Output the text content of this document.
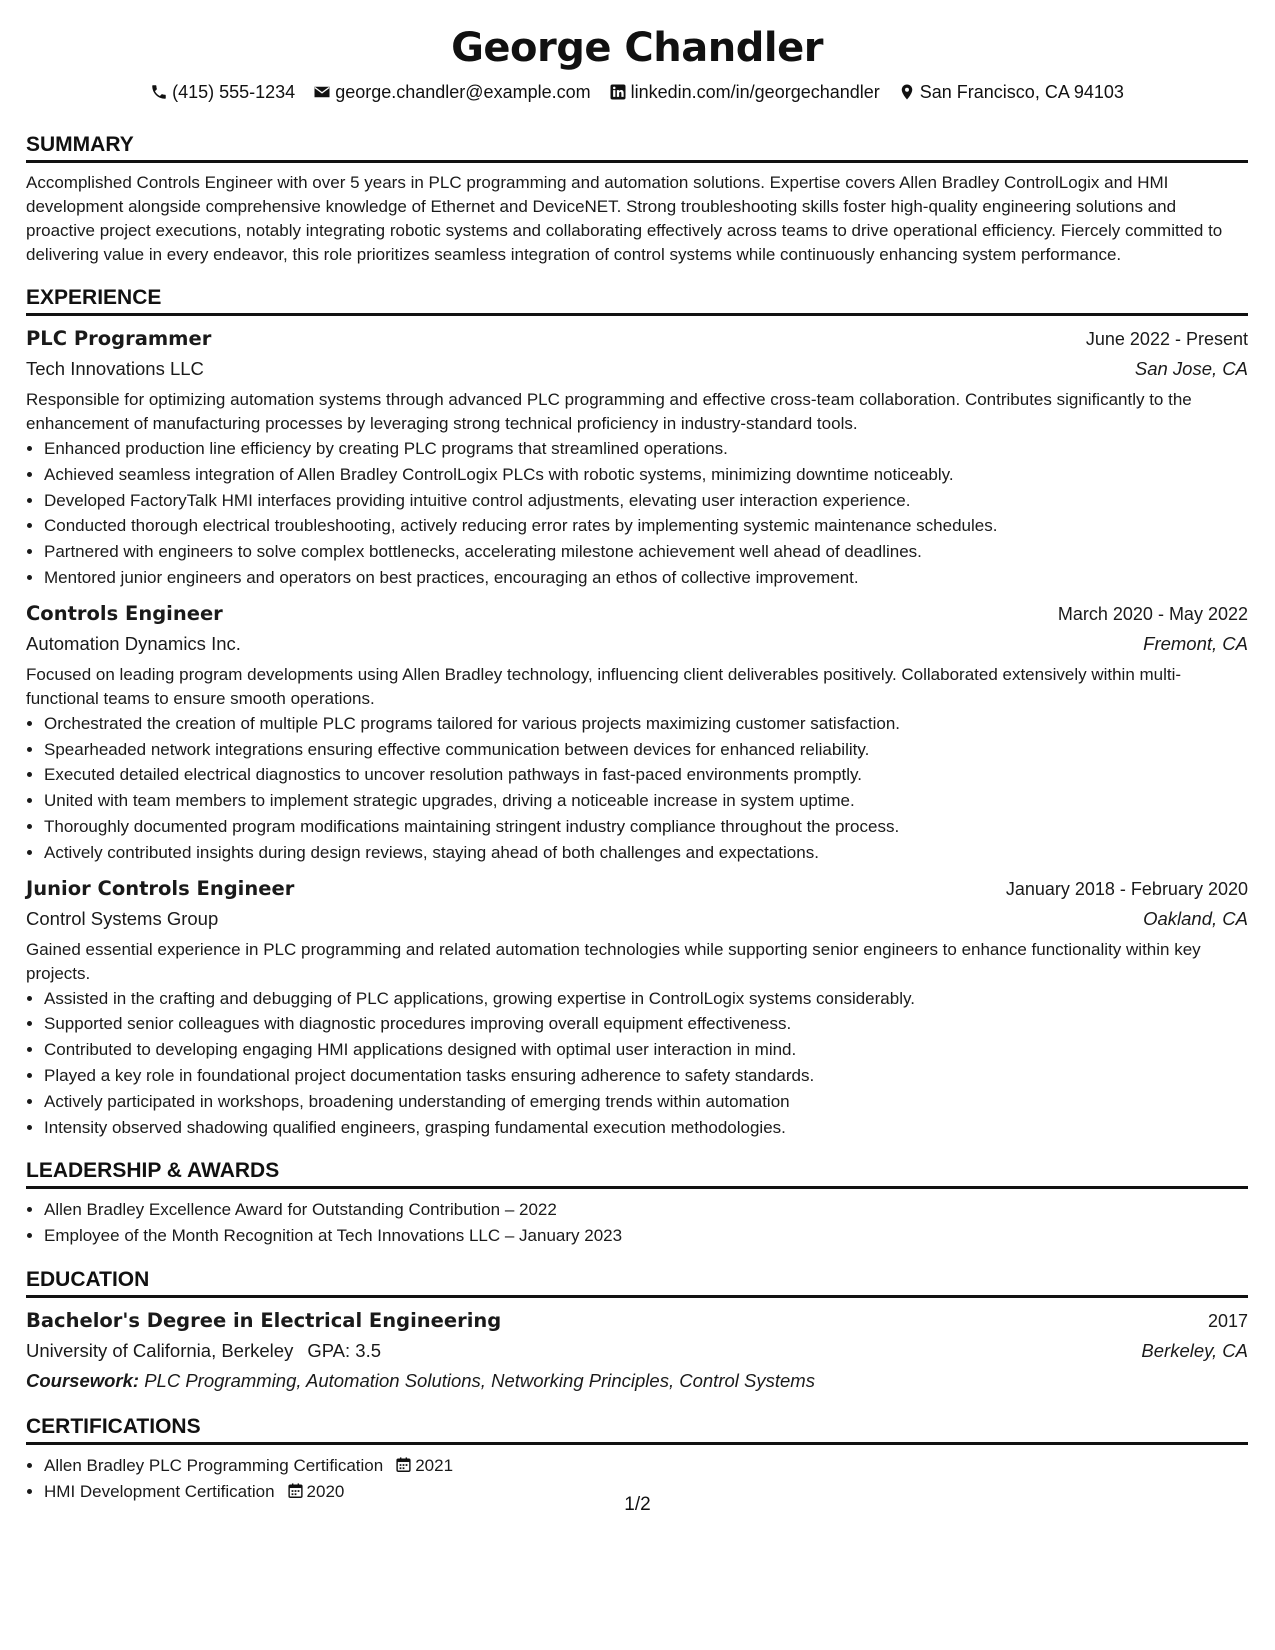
George Chandler
(415) 555-1234 george.chandler@example.com linkedin.com/in/georgechandler San Francisco, CA 94103
SUMMARY

Accomplished Controls Engineer with over 5 years in PLC programming and automation solutions. Expertise covers Allen Bradley ControlLogix and HMI development alongside comprehensive knowledge of Ethernet and DeviceNET. Strong troubleshooting skills foster high-quality engineering solutions and proactive project executions, notably integrating robotic systems and collaborating effectively across teams to drive operational efficiency. Fiercely committed to delivering value in every endeavor, this role prioritizes seamless integration of control systems while continuously enhancing system performance.

EXPERIENCE
PLC Programmer	June 2022 - Present
Tech Innovations LLC	San Jose, CA

Responsible for optimizing automation systems through advanced PLC programming and effective cross-team collaboration. Contributes significantly to the enhancement of manufacturing processes by leveraging strong technical proficiency in industry-standard tools.

• Enhanced production line efficiency by creating PLC programs that streamlined operations.
• Achieved seamless integration of Allen Bradley ControlLogix PLCs with robotic systems, minimizing downtime noticeably.
• Developed FactoryTalk HMI interfaces providing intuitive control adjustments, elevating user interaction experience.
• Conducted thorough electrical troubleshooting, actively reducing error rates by implementing systemic maintenance schedules.
• Partnered with engineers to solve complex bottlenecks, accelerating milestone achievement well ahead of deadlines.
• Mentored junior engineers and operators on best practices, encouraging an ethos of collective improvement.
Controls Engineer	March 2020 - May 2022
Automation Dynamics Inc.	Fremont, CA

Focused on leading program developments using Allen Bradley technology, influencing client deliverables positively. Collaborated extensively within multi-functional teams to ensure smooth operations.

• Orchestrated the creation of multiple PLC programs tailored for various projects maximizing customer satisfaction.
• Spearheaded network integrations ensuring effective communication between devices for enhanced reliability.
• Executed detailed electrical diagnostics to uncover resolution pathways in fast-paced environments promptly.
• United with team members to implement strategic upgrades, driving a noticeable increase in system uptime.
• Thoroughly documented program modifications maintaining stringent industry compliance throughout the process.
• Actively contributed insights during design reviews, staying ahead of both challenges and expectations.
Junior Controls Engineer	January 2018 - February 2020
Control Systems Group	Oakland, CA

Gained essential experience in PLC programming and related automation technologies while supporting senior engineers to enhance functionality within key projects.

• Assisted in the crafting and debugging of PLC applications, growing expertise in ControlLogix systems considerably.
• Supported senior colleagues with diagnostic procedures improving overall equipment effectiveness.
• Contributed to developing engaging HMI applications designed with optimal user interaction in mind.
• Played a key role in foundational project documentation tasks ensuring adherence to safety standards.
• Actively participated in workshops, broadening understanding of emerging trends within automation
• Intensity observed shadowing qualified engineers, grasping fundamental execution methodologies.
LEADERSHIP & AWARDS
• Allen Bradley Excellence Award for Outstanding Contribution – 2022
• Employee of the Month Recognition at Tech Innovations LLC – January 2023
EDUCATION
Bachelor's Degree in Electrical Engineering	2017
University of California, Berkeley GPA: 3.5	Berkeley, CA
Coursework: PLC Programming, Automation Solutions, Networking Principles, Control Systems
CERTIFICATIONS
• Allen Bradley PLC Programming Certification 2021
• HMI Development Certification 2020
1/2
